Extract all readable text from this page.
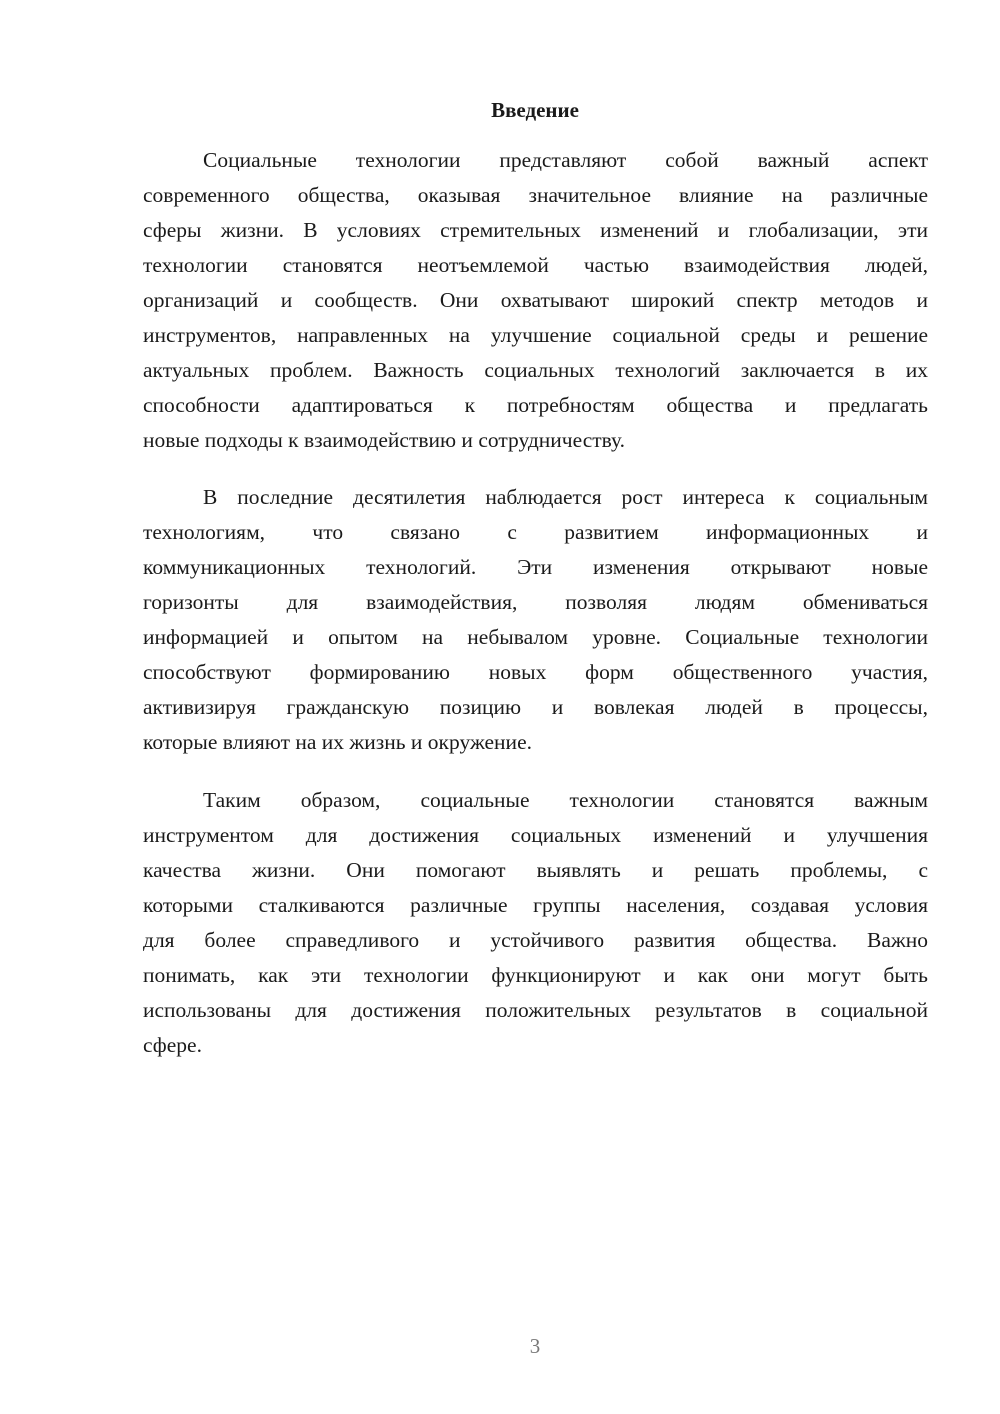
Введение
Социальные технологии представляют собой важный аспект
современного общества, оказывая значительное влияние на различные
сферы жизни. В условиях стремительных изменений и глобализации, эти
технологии становятся неотъемлемой частью взаимодействия людей,
организаций и сообществ. Они охватывают широкий спектр методов и
инструментов, направленных на улучшение социальной среды и решение
актуальных проблем. Важность социальных технологий заключается в их
способности адаптироваться к потребностям общества и предлагать
новые подходы к взаимодействию и сотрудничеству.
В последние десятилетия наблюдается рост интереса к социальным
технологиям, что связано с развитием информационных и
коммуникационных технологий. Эти изменения открывают новые
горизонты для взаимодействия, позволяя людям обмениваться
информацией и опытом на небывалом уровне. Социальные технологии
способствуют формированию новых форм общественного участия,
активизируя гражданскую позицию и вовлекая людей в процессы,
которые влияют на их жизнь и окружение.
Таким образом, социальные технологии становятся важным
инструментом для достижения социальных изменений и улучшения
качества жизни. Они помогают выявлять и решать проблемы, с
которыми сталкиваются различные группы населения, создавая условия
для более справедливого и устойчивого развития общества. Важно
понимать, как эти технологии функционируют и как они могут быть
использованы для достижения положительных результатов в социальной
сфере.
3
